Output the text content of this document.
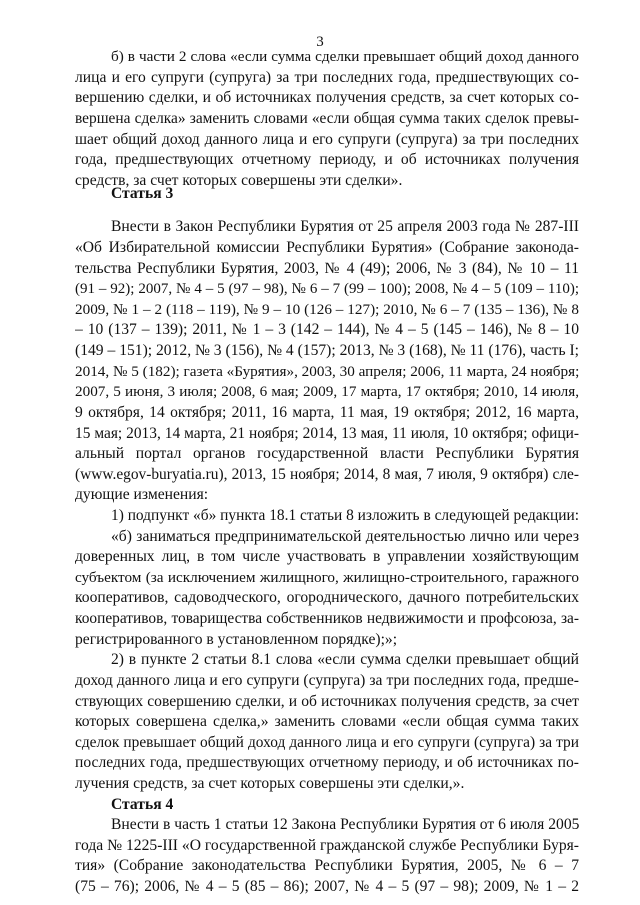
3
б) в части 2 слова «если сумма сделки превышает общий доход данного
лица и его супруги (супруга) за три последних года, предшествующих со-
вершению сделки, и об источниках получения средств, за счет которых со-
вершена сделка» заменить словами «если общая сумма таких сделок превы-
шает общий доход данного лица и его супруги (супруга) за три последних
года, предшествующих отчетному периоду, и об источниках получения
средств, за счет которых совершены эти сделки».
Статья 3
Внести в Закон Республики Бурятия от 25 апреля 2003 года № 287-III
«Об Избирательной комиссии Республики Бурятия» (Собрание законода-
тельства Республики Бурятия, 2003, № 4 (49); 2006, № 3 (84), № 10 – 11
(91 – 92); 2007, № 4 – 5 (97 – 98), № 6 – 7 (99 – 100); 2008, № 4 – 5 (109 – 110);
2009, № 1 – 2 (118 – 119), № 9 – 10 (126 – 127); 2010, № 6 – 7 (135 – 136), № 8
– 10 (137 – 139); 2011, № 1 – 3 (142 – 144), № 4 – 5 (145 – 146), № 8 – 10
(149 – 151); 2012, № 3 (156), № 4 (157); 2013, № 3 (168), № 11 (176), часть I;
2014, № 5 (182); газета «Бурятия», 2003, 30 апреля; 2006, 11 марта, 24 ноября;
2007, 5 июня, 3 июля; 2008, 6 мая; 2009, 17 марта, 17 октября; 2010, 14 июля,
9 октября, 14 октября; 2011, 16 марта, 11 мая, 19 октября; 2012, 16 марта,
15 мая; 2013, 14 марта, 21 ноября; 2014, 13 мая, 11 июля, 10 октября; офици-
альный портал органов государственной власти Республики Бурятия
(www.egov-buryatia.ru), 2013, 15 ноября; 2014, 8 мая, 7 июля, 9 октября) сле-
дующие изменения:
1) подпункт «б» пункта 18.1 статьи 8 изложить в следующей редакции:
«б) заниматься предпринимательской деятельностью лично или через
доверенных лиц, в том числе участвовать в управлении хозяйствующим
субъектом (за исключением жилищного, жилищно-строительного, гаражного
кооперативов, садоводческого, огороднического, дачного потребительских
кооперативов, товарищества собственников недвижимости и профсоюза, за-
регистрированного в установленном порядке);»;
2) в пункте 2 статьи 8.1 слова «если сумма сделки превышает общий
доход данного лица и его супруги (супруга) за три последних года, предше-
ствующих совершению сделки, и об источниках получения средств, за счет
которых совершена сделка,» заменить словами «если общая сумма таких
сделок превышает общий доход данного лица и его супруги (супруга) за три
последних года, предшествующих отчетному периоду, и об источниках по-
лучения средств, за счет которых совершены эти сделки,».
Статья 4
Внести в часть 1 статьи 12 Закона Республики Бурятия от 6 июля 2005
года № 1225-III «О государственной гражданской службе Республики Буря-
тия» (Собрание законодательства Республики Бурятия, 2005, № 6 – 7
(75 – 76); 2006, № 4 – 5 (85 – 86); 2007, № 4 – 5 (97 – 98); 2009, № 1 – 2
